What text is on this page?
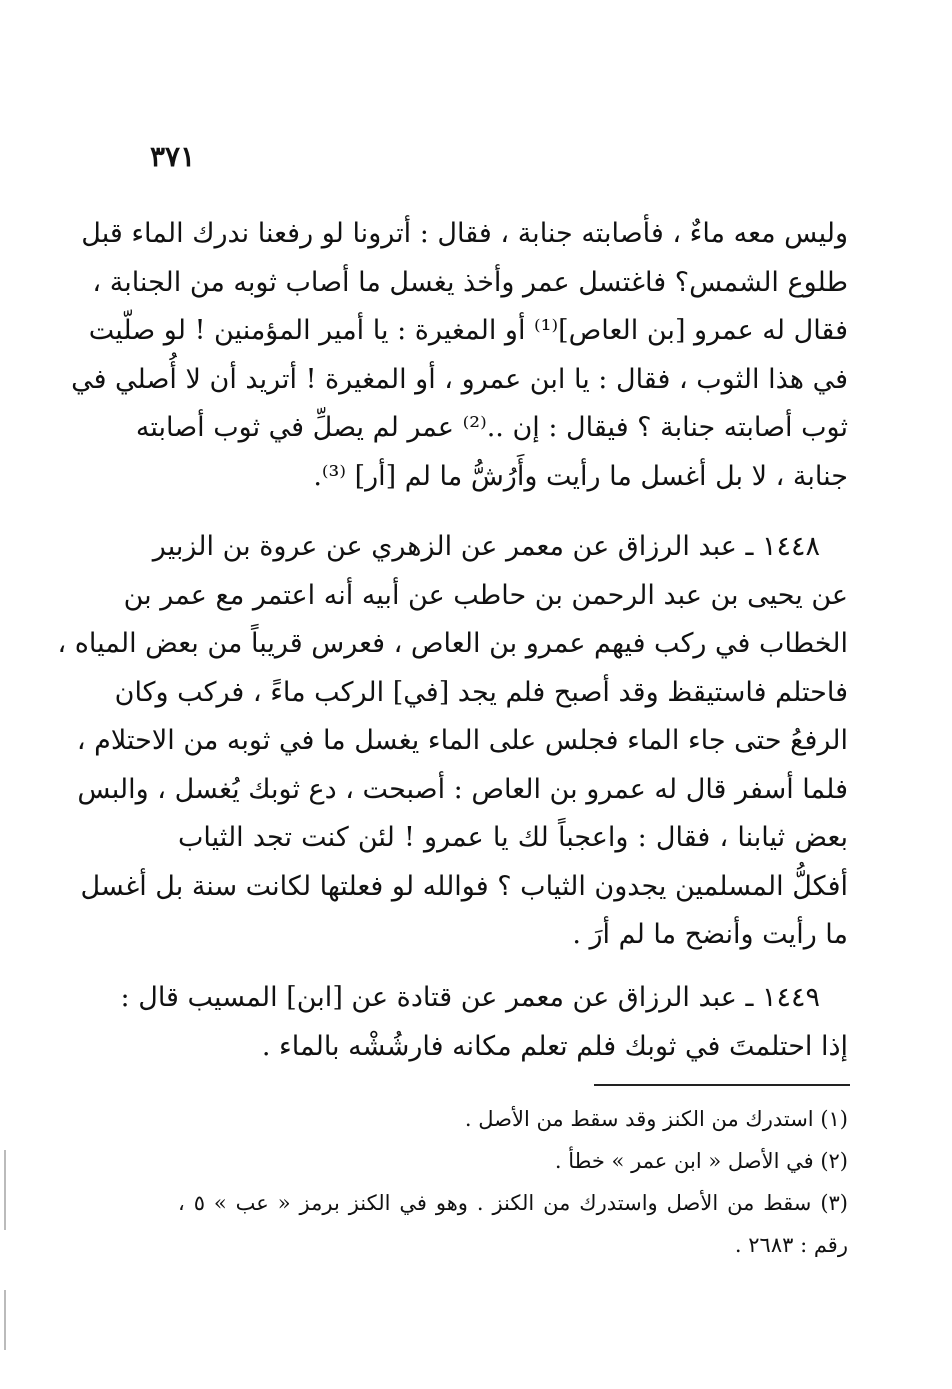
٣٧١
وليس معه ماءٌ ، فأصابته جنابة ، فقال : أترونا لو رفعنا ندرك الماء قبل
طلوع الشمس؟ فاغتسل عمر وأخذ يغسل ما أصاب ثوبه من الجنابة ،
فقال له عمرو [بن العاص]⁽¹⁾ أو المغيرة : يا أمير المؤمنين ! لو صلّيت
في هذا الثوب ، فقال : يا ابن عمرو ، أو المغيرة ! أتريد أن لا أُصلي في
ثوب أصابته جنابة ؟ فيقال : إن ..⁽²⁾ عمر لم يصلِّ في ثوب أصابته
جنابة ، لا بل أغسل ما رأيت وأَرُشُّ ما لم [أر] ⁽³⁾.
١٤٤٨ ـ عبد الرزاق عن معمر عن الزهري عن عروة بن الزبير
عن يحيى بن عبد الرحمن بن حاطب عن أبيه أنه اعتمر مع عمر بن
الخطاب في ركب فيهم عمرو بن العاص ، فعرس قريباً من بعض المياه ،
فاحتلم فاستيقظ وقد أصبح فلم يجد [في] الركب ماءً ، فركب وكان
الرفعُ حتى جاء الماء فجلس على الماء يغسل ما في ثوبه من الاحتلام ،
فلما أسفر قال له عمرو بن العاص : أصبحت ، دع ثوبك يُغسل ، والبس
بعض ثيابنا ، فقال : واعجباً لك يا عمرو ! لئن كنت تجد الثياب
أفكلُّ المسلمين يجدون الثياب ؟ فوالله لو فعلتها لكانت سنة بل أغسل
ما رأيت وأنضح ما لم أرَ .
١٤٤٩ ـ عبد الرزاق عن معمر عن قتادة عن [ابن] المسيب قال :
إذا احتلمتَ في ثوبك فلم تعلم مكانه فارشُشْه بالماء .
(١) استدرك من الكنز وقد سقط من الأصل .
(٢) في الأصل « ابن عمر » خطأ .
(٣) سقط من الأصل واستدرك من الكنز . وهو في الكنز برمز « عب » ٥ ،
رقم : ٢٦٨٣ .
